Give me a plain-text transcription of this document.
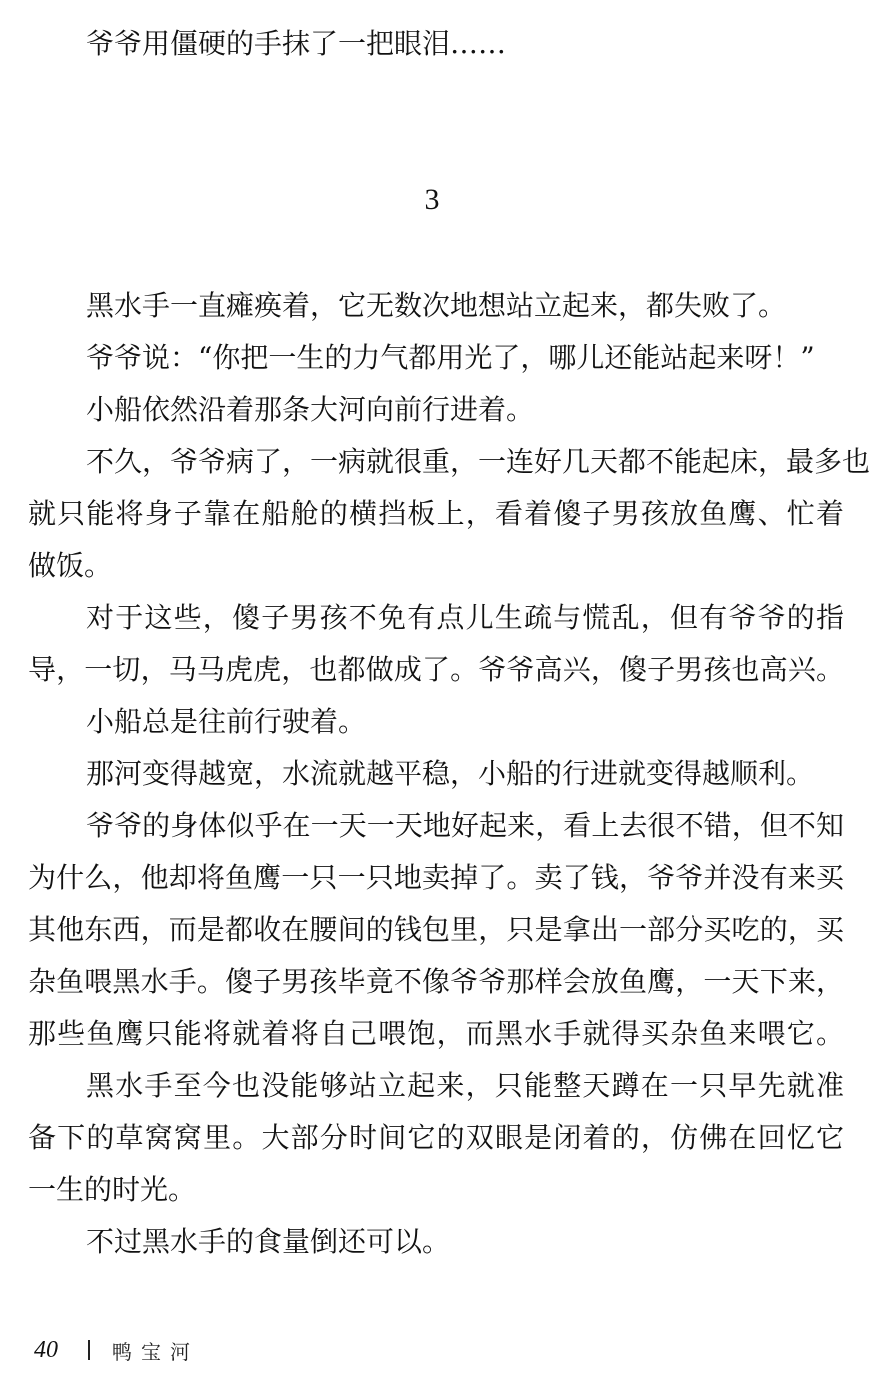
爷爷用僵硬的手抹了一把眼泪……
3
黑水手一直瘫痪着，它无数次地想站立起来，都失败了。
爷爷说：“你把一生的力气都用光了，哪儿还能站起来呀！”
小船依然沿着那条大河向前行进着。
不久，爷爷病了，一病就很重，一连好几天都不能起床，最多也
就只能将身子靠在船舱的横挡板上，看着傻子男孩放鱼鹰、忙着
做饭。
对于这些，傻子男孩不免有点儿生疏与慌乱，但有爷爷的指
导，一切，马马虎虎，也都做成了。爷爷高兴，傻子男孩也高兴。
小船总是往前行驶着。
那河变得越宽，水流就越平稳，小船的行进就变得越顺利。
爷爷的身体似乎在一天一天地好起来，看上去很不错，但不知
为什么，他却将鱼鹰一只一只地卖掉了。卖了钱，爷爷并没有来买
其他东西，而是都收在腰间的钱包里，只是拿出一部分买吃的，买
杂鱼喂黑水手。傻子男孩毕竟不像爷爷那样会放鱼鹰，一天下来，
那些鱼鹰只能将就着将自己喂饱，而黑水手就得买杂鱼来喂它。
黑水手至今也没能够站立起来，只能整天蹲在一只早先就准
备下的草窝窝里。大部分时间它的双眼是闭着的，仿佛在回忆它
一生的时光。
不过黑水手的食量倒还可以。
40	鸭宝河
